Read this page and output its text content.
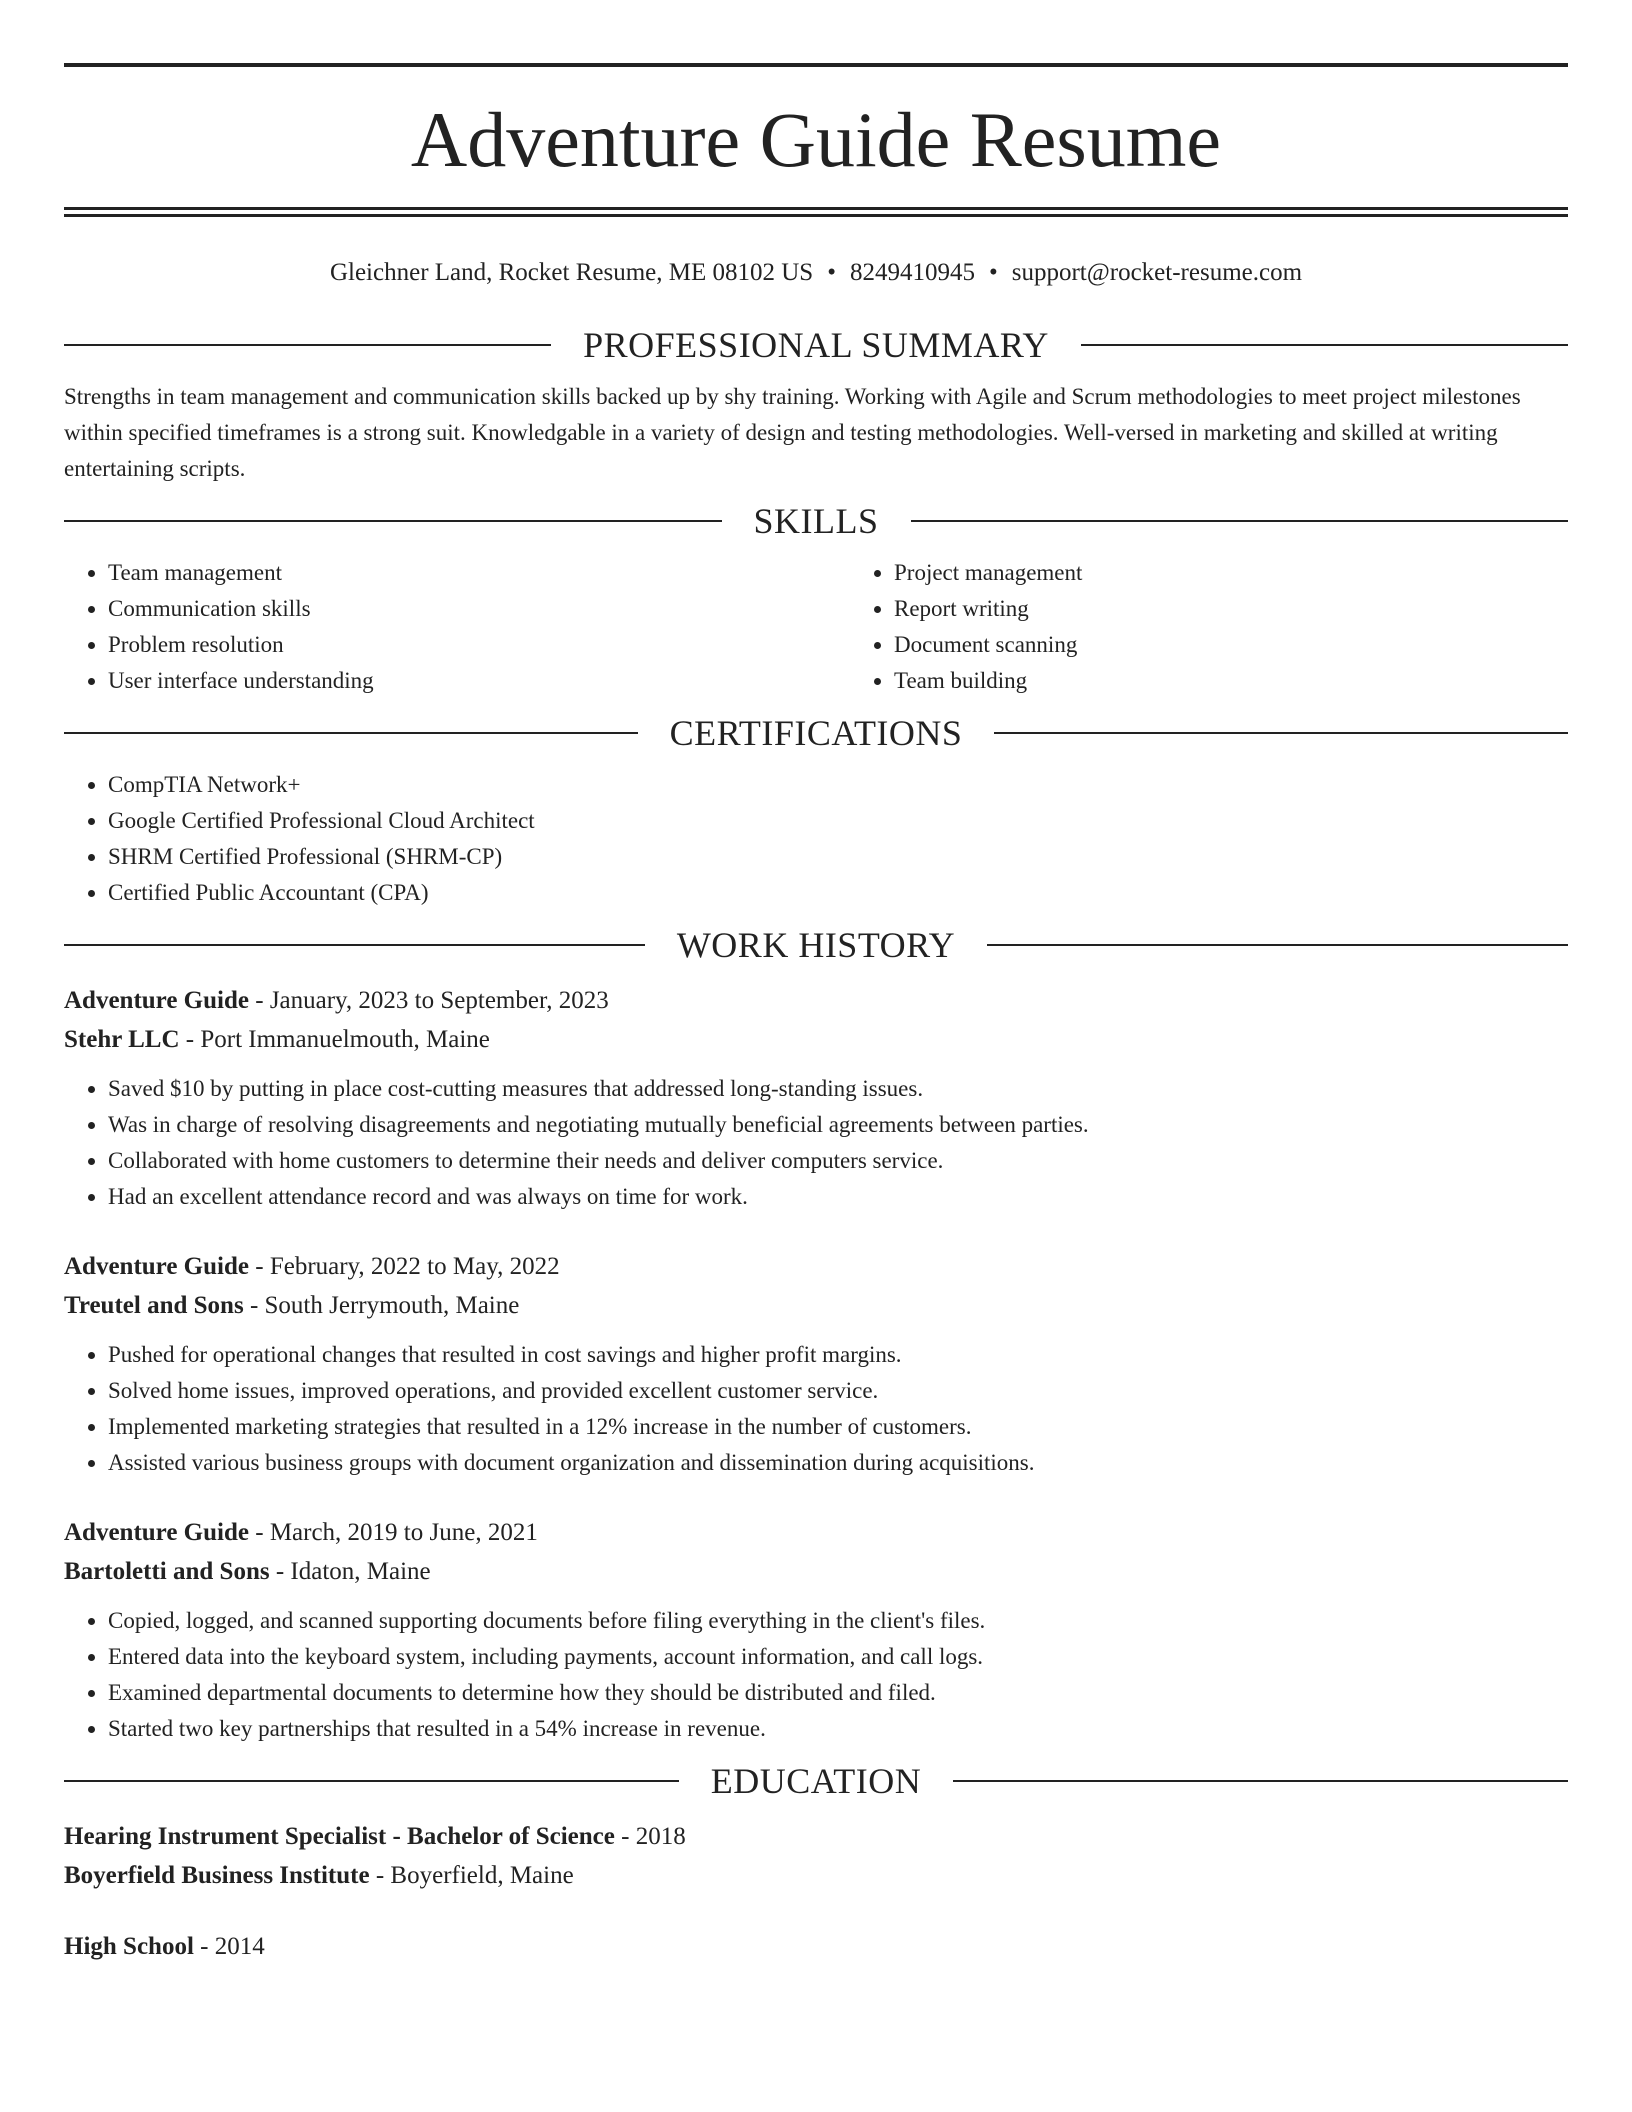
Adventure Guide Resume
Gleichner Land, Rocket Resume, ME 08102 US • 8249410945 • support@rocket-resume.com
PROFESSIONAL SUMMARY

Strengths in team management and communication skills backed up by shy training. Working with Agile and Scrum methodologies to meet project milestones within specified timeframes is a strong suit. Knowledgable in a variety of design and testing methodologies. Well-versed in marketing and skilled at writing entertaining scripts.

SKILLS
• Team management
• Communication skills
• Problem resolution
• User interface understanding
• Project management
• Report writing
• Document scanning
• Team building
CERTIFICATIONS
• CompTIA Network+
• Google Certified Professional Cloud Architect
• SHRM Certified Professional (SHRM-CP)
• Certified Public Accountant (CPA)
WORK HISTORY
Adventure Guide - January, 2023 to September, 2023
Stehr LLC - Port Immanuelmouth, Maine
• Saved $10 by putting in place cost-cutting measures that addressed long-standing issues.
• Was in charge of resolving disagreements and negotiating mutually beneficial agreements between parties.
• Collaborated with home customers to determine their needs and deliver computers service.
• Had an excellent attendance record and was always on time for work.
Adventure Guide - February, 2022 to May, 2022
Treutel and Sons - South Jerrymouth, Maine
• Pushed for operational changes that resulted in cost savings and higher profit margins.
• Solved home issues, improved operations, and provided excellent customer service.
• Implemented marketing strategies that resulted in a 12% increase in the number of customers.
• Assisted various business groups with document organization and dissemination during acquisitions.
Adventure Guide - March, 2019 to June, 2021
Bartoletti and Sons - Idaton, Maine
• Copied, logged, and scanned supporting documents before filing everything in the client's files.
• Entered data into the keyboard system, including payments, account information, and call logs.
• Examined departmental documents to determine how they should be distributed and filed.
• Started two key partnerships that resulted in a 54% increase in revenue.
EDUCATION
Hearing Instrument Specialist - Bachelor of Science - 2018
Boyerfield Business Institute - Boyerfield, Maine
High School - 2014
